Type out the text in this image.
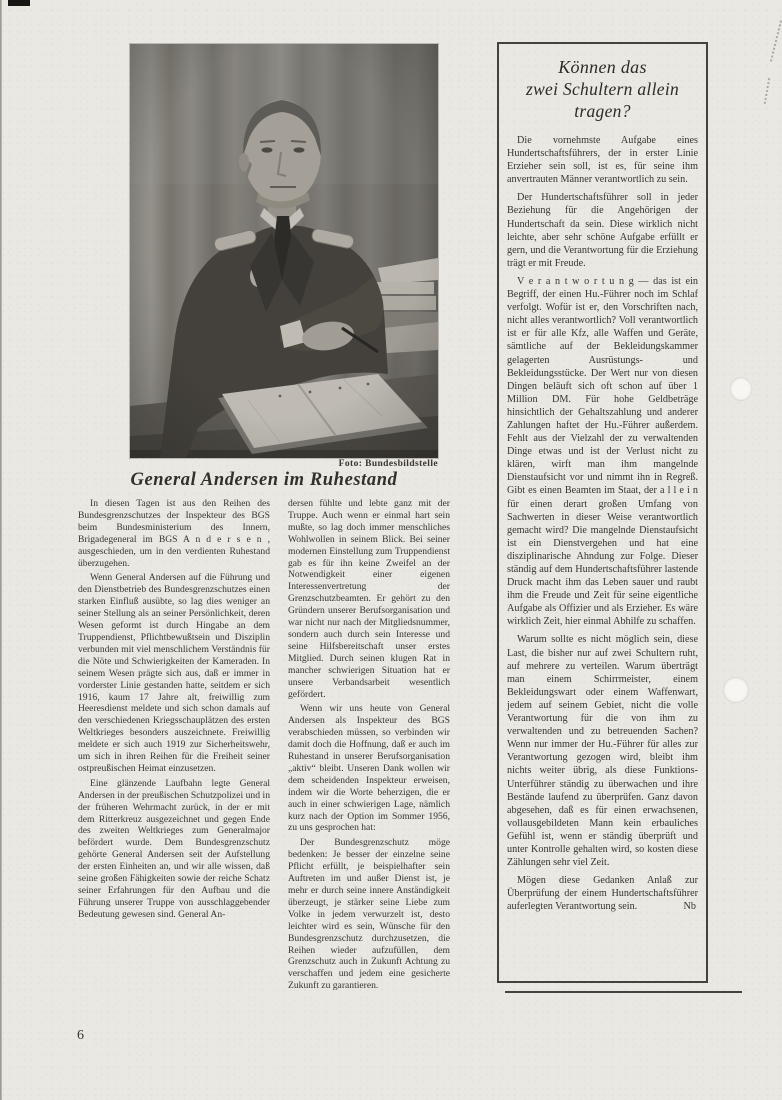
Foto: Bundesbildstelle
General Andersen im Ruhestand

In diesen Tagen ist aus den Reihen des Bundesgrenzschutzes der Inspekteur des BGS beim Bundesministerium des Innern, Brigadegeneral im BGS A n d e r s e n , ausgeschieden, um in den verdienten Ruhestand überzugehen.

Wenn General Andersen auf die Führung und den Dienstbetrieb des Bundesgrenzschutzes einen starken Einfluß ausübte, so lag dies weniger an seiner Stellung als an seiner Persönlichkeit, deren Wesen geformt ist durch Hingabe an dem Truppendienst, Pflichtbewußtsein und Disziplin verbunden mit viel menschlichem Verständnis für die Nöte und Schwierigkeiten der Kameraden. In seinem Wesen prägte sich aus, daß er immer in vorderster Linie gestanden hatte, seitdem er sich 1916, kaum 17 Jahre alt, freiwillig zum Heeresdienst meldete und sich schon damals auf den verschiedenen Kriegsschauplätzen des ersten Weltkrieges besonders auszeichnete. Freiwillig meldete er sich auch 1919 zur Sicherheitswehr, um sich in ihren Reihen für die Freiheit seiner ostpreußischen Heimat einzusetzen.

Eine glänzende Laufbahn legte General Andersen in der preußischen Schutzpolizei und in der früheren Wehrmacht zurück, in der er mit dem Ritterkreuz ausgezeichnet und gegen Ende des zweiten Weltkrieges zum Generalmajor befördert wurde. Dem Bundesgrenzschutz gehörte General Andersen seit der Aufstellung der ersten Einheiten an, und wir alle wissen, daß seine großen Fähigkeiten sowie der reiche Schatz seiner Erfahrungen für den Aufbau und die Führung unserer Truppe von ausschlaggebender Bedeutung gewesen sind. General An-

dersen fühlte und lebte ganz mit der Truppe. Auch wenn er einmal hart sein mußte, so lag doch immer menschliches Wohlwollen in seinem Blick. Bei seiner modernen Einstellung zum Truppendienst gab es für ihn keine Zweifel an der Notwendigkeit einer eigenen Interessenvertretung der Grenzschutzbeamten. Er gehört zu den Gründern unserer Berufsorganisation und war nicht nur nach der Mitgliedsnummer, sondern auch durch sein Interesse und seine Hilfsbereitschaft unser erstes Mitglied. Durch seinen klugen Rat in mancher schwierigen Situation hat er unsere Verbandsarbeit wesentlich gefördert.

Wenn wir uns heute von General Andersen als Inspekteur des BGS verabschieden müssen, so verbinden wir damit doch die Hoffnung, daß er auch im Ruhestand in unserer Berufsorganisation „aktiv“ bleibt. Unseren Dank wollen wir dem scheidenden Inspekteur erweisen, indem wir die Worte beherzigen, die er auch in einer schwierigen Lage, nämlich kurz nach der Option im Sommer 1956, zu uns gesprochen hat:

Der Bundesgrenzschutz möge bedenken: Je besser der einzelne seine Pflicht erfüllt, je beispielhafter sein Auftreten im und außer Dienst ist, je mehr er durch seine innere Anständigkeit überzeugt, je stärker seine Liebe zum Volke in jedem verwurzelt ist, desto leichter wird es sein, Wünsche für den Bundesgrenzschutz durchzusetzen, die Reihen wieder aufzufüllen, dem Grenzschutz auch in Zukunft Achtung zu verschaffen und jedem eine gesicherte Zukunft zu garantieren.

Können das
zwei Schultern allein tragen?

Die vornehmste Aufgabe eines Hundertschaftsführers, der in erster Linie Erzieher sein soll, ist es, für seine ihm anvertrauten Männer verantwortlich zu sein.

Der Hundertschaftsführer soll in jeder Beziehung für die Angehörigen der Hundertschaft da sein. Diese wirklich nicht leichte, aber sehr schöne Aufgabe erfüllt er gern, und die Verantwortung für die Erziehung trägt er mit Freude.

V e r a n t w o r t u n g — das ist ein Begriff, der einen Hu.-Führer noch im Schlaf verfolgt. Wofür ist er, den Vorschriften nach, nicht alles verantwortlich? Voll verantwortlich ist er für alle Kfz, alle Waffen und Geräte, sämtliche auf der Bekleidungskammer gelagerten Ausrüstungs- und Bekleidungsstücke. Der Wert nur von diesen Dingen beläuft sich oft schon auf über 1 Million DM. Für hohe Geldbeträge hinsichtlich der Gehaltszahlung und anderer Zahlungen haftet der Hu.-Führer außerdem. Fehlt aus der Vielzahl der zu verwaltenden Dinge etwas und ist der Verlust nicht zu klären, wirft man ihm mangelnde Dienstaufsicht vor und nimmt ihn in Regreß. Gibt es einen Beamten im Staat, der a l l e i n für einen derart großen Umfang von Sachwerten in dieser Weise verantwortlich gemacht wird? Die mangelnde Dienstaufsicht ist ein Dienstvergehen und hat eine disziplinarische Ahndung zur Folge. Dieser ständig auf dem Hundertschaftsführer lastende Druck macht ihm das Leben sauer und raubt ihm die Freude und Zeit für seine eigentliche Aufgabe als Offizier und als Erzieher. Es wäre wirklich Zeit, hier einmal Abhilfe zu schaffen.

Warum sollte es nicht möglich sein, diese Last, die bisher nur auf zwei Schultern ruht, auf mehrere zu verteilen. Warum überträgt man einem Schirrmeister, einem Bekleidungswart oder einem Waffenwart, jedem auf seinem Gebiet, nicht die volle Verantwortung für die von ihm zu verwaltenden und zu betreuenden Sachen? Wenn nur immer der Hu.-Führer für alles zur Verantwortung gezogen wird, bleibt ihm nichts weiter übrig, als diese Funktions-Unterführer ständig zu überwachen und ihre Bestände laufend zu überprüfen. Ganz davon abgesehen, daß es für einen erwachsenen, vollausgebildeten Mann kein erbauliches Gefühl ist, wenn er ständig überprüft und unter Kontrolle gehalten wird, so kosten diese Zählungen sehr viel Zeit.

Mögen diese Gedanken Anlaß zur Überprüfung der einem Hundertschaftsführer auferlegten Verantwortung sein.	Nb

6
